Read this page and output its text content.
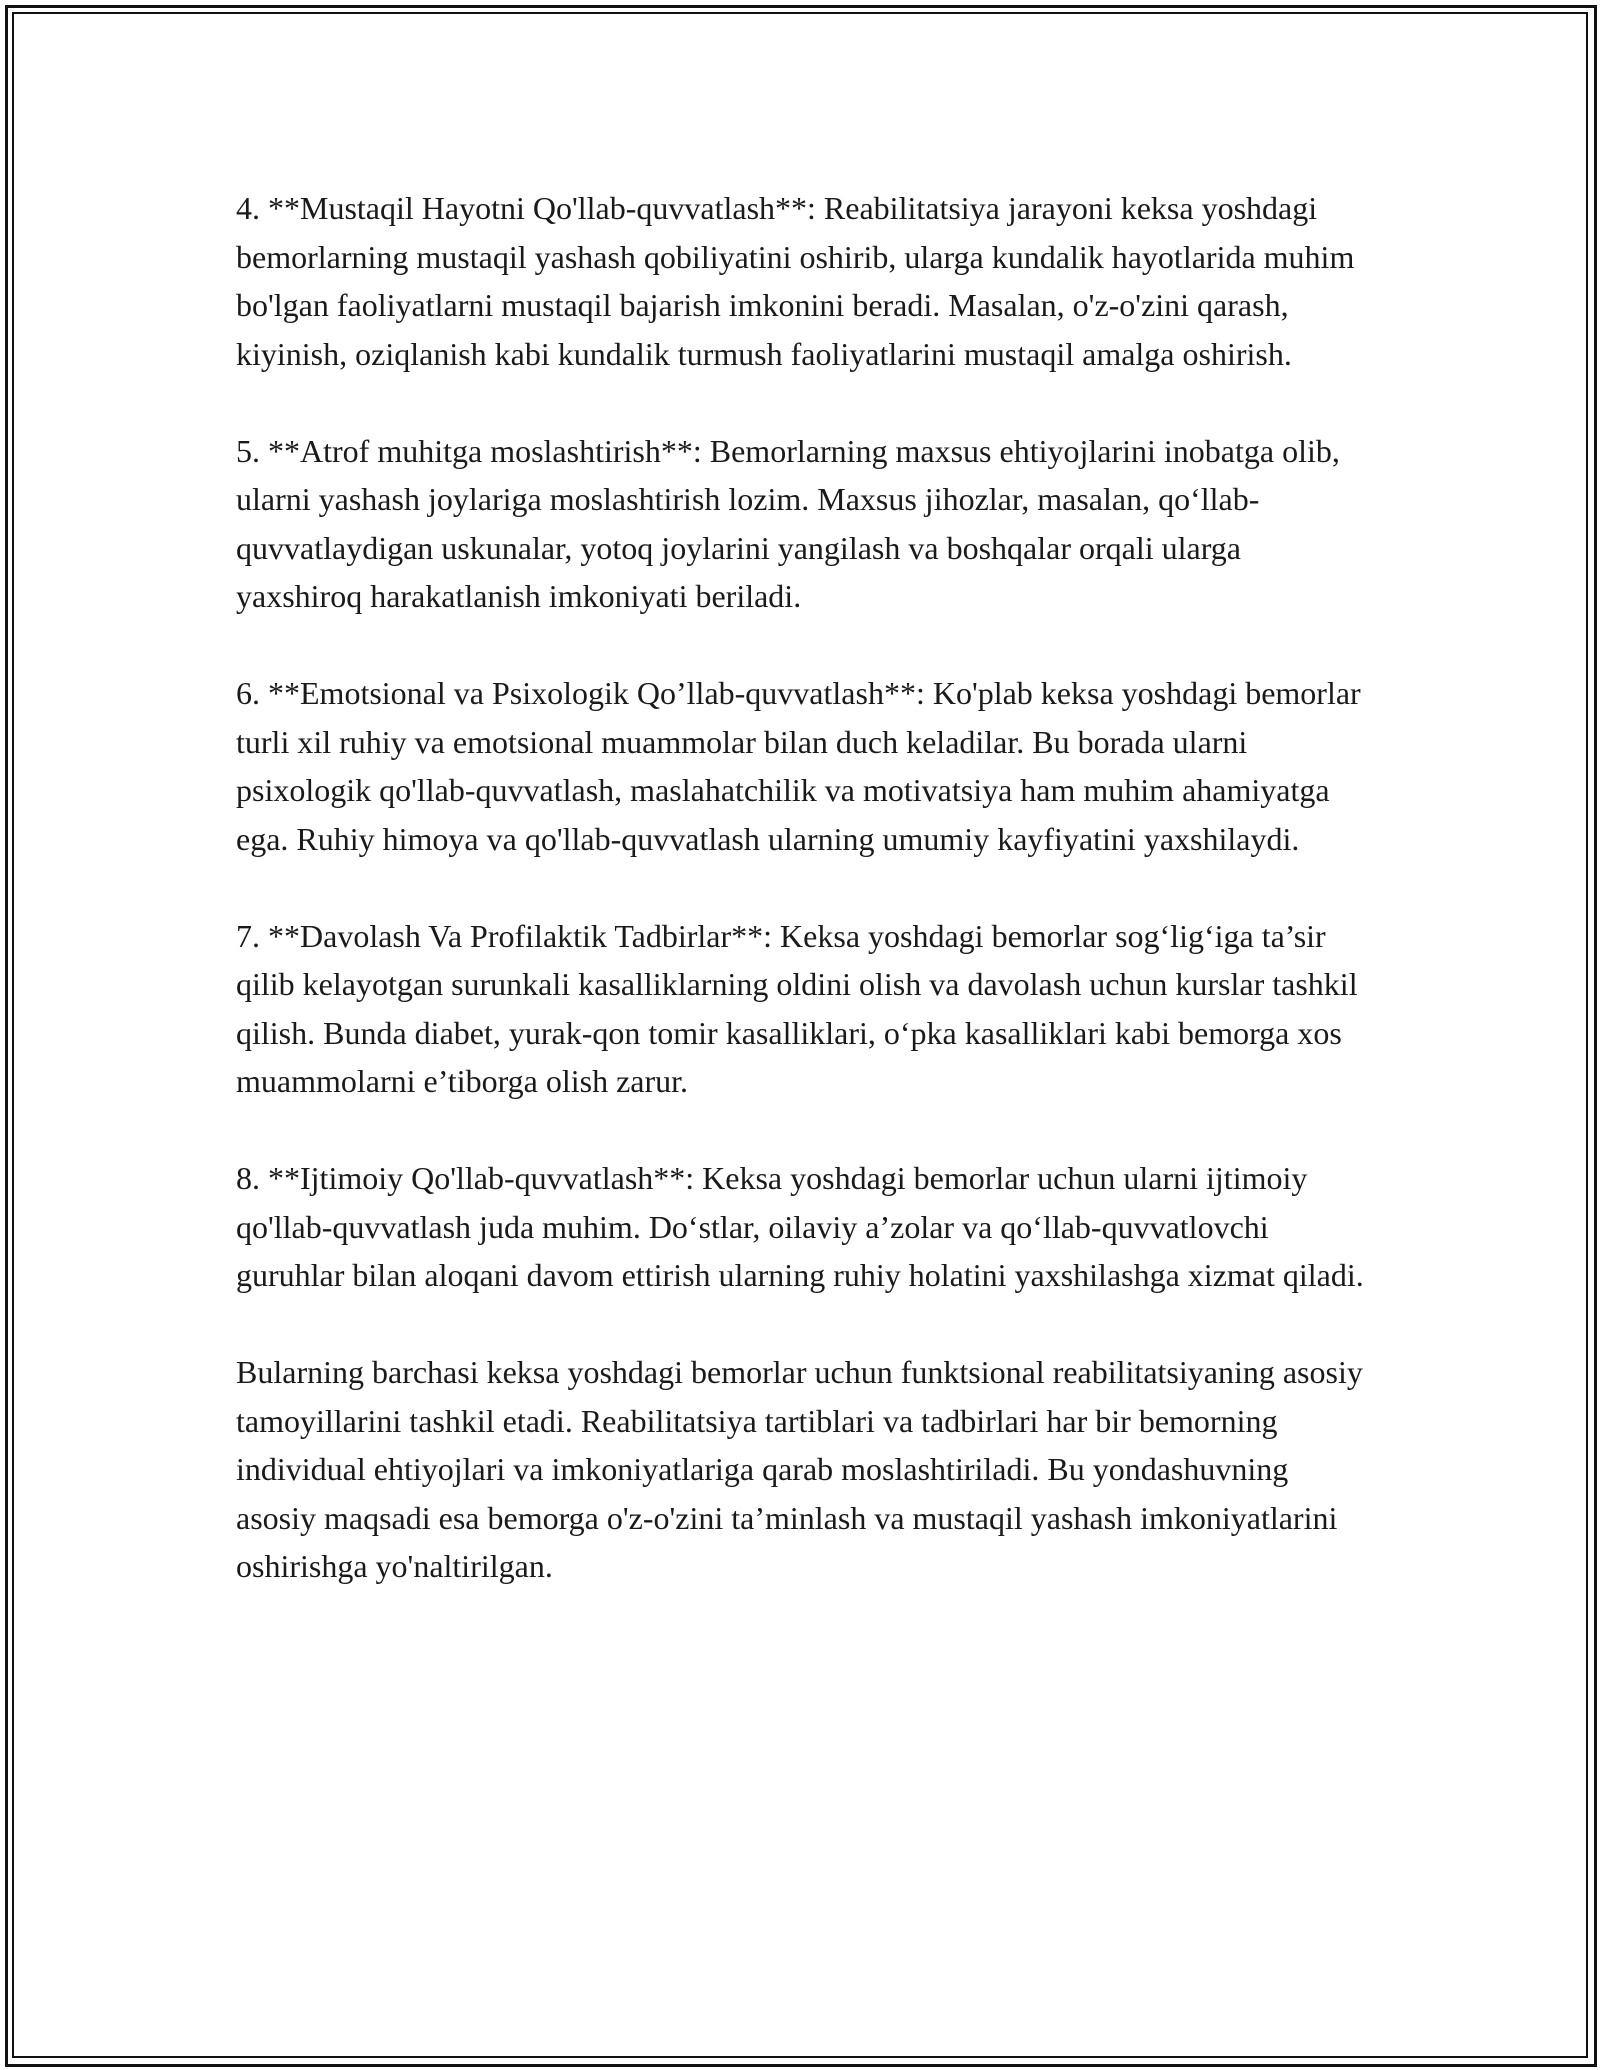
4. **Mustaqil Hayotni Qo'llab-quvvatlash**: Reabilitatsiya jarayoni keksa yoshdagi bemorlarning mustaqil yashash qobiliyatini oshirib, ularga kundalik hayotlarida muhim bo'lgan faoliyatlarni mustaqil bajarish imkonini beradi. Masalan, o'z-o'zini qarash, kiyinish, oziqlanish kabi kundalik turmush faoliyatlarini mustaqil amalga oshirish.

5. **Atrof muhitga moslashtirish**: Bemorlarning maxsus ehtiyojlarini inobatga olib, ularni yashash joylariga moslashtirish lozim. Maxsus jihozlar, masalan, qo‘llab-quvvatlaydigan uskunalar, yotoq joylarini yangilash va boshqalar orqali ularga yaxshiroq harakatlanish imkoniyati beriladi.

6. **Emotsional va Psixologik Qo’llab-quvvatlash**: Ko'plab keksa yoshdagi bemorlar turli xil ruhiy va emotsional muammolar bilan duch keladilar. Bu borada ularni psixologik qo'llab-quvvatlash, maslahatchilik va motivatsiya ham muhim ahamiyatga ega. Ruhiy himoya va qo'llab-quvvatlash ularning umumiy kayfiyatini yaxshilaydi.

7. **Davolash Va Profilaktik Tadbirlar**: Keksa yoshdagi bemorlar sog‘lig‘iga ta’sir qilib kelayotgan surunkali kasalliklarning oldini olish va davolash uchun kurslar tashkil qilish. Bunda diabet, yurak-qon tomir kasalliklari, o‘pka kasalliklari kabi bemorga xos muammolarni e’tiborga olish zarur.

8. **Ijtimoiy Qo'llab-quvvatlash**: Keksa yoshdagi bemorlar uchun ularni ijtimoiy qo'llab-quvvatlash juda muhim. Do‘stlar, oilaviy a’zolar va qo‘llab-quvvatlovchi guruhlar bilan aloqani davom ettirish ularning ruhiy holatini yaxshilashga xizmat qiladi.

Bularning barchasi keksa yoshdagi bemorlar uchun funktsional reabilitatsiyaning asosiy tamoyillarini tashkil etadi. Reabilitatsiya tartiblari va tadbirlari har bir bemorning individual ehtiyojlari va imkoniyatlariga qarab moslashtiriladi. Bu yondashuvning asosiy maqsadi esa bemorga o'z-o'zini ta’minlash va mustaqil yashash imkoniyatlarini oshirishga yo'naltirilgan.
